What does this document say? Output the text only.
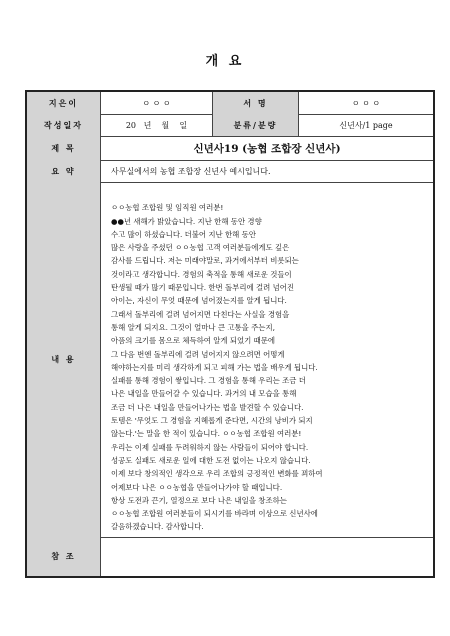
개 요
지은이	ㅇ ㅇ ㅇ	서 명	ㅇ ㅇ ㅇ
작성일자	20   년    월    일	분류/분량	신년사/1 page
제 목	신년사19 (농협 조합장 신년사)
요 약	사무실에서의 농협 조합장 신년사 예시입니다.
내 용

ㅇㅇ농협 조합원 및 임직원 여러분!
●●년 새해가 밝았습니다. 지난 한해 동안 경향
수고 많이 하셨습니다. 더불어 지난 한해 동안
많은 사랑을 주셨던 ㅇㅇ농협 고객 여러분들에게도 깊은
감사를 드립니다. 저는 미래야말로, 과거에서부터 비롯되는
것이라고 생각합니다. 경험의 축적을 통해 새로운 것들이
탄생될 때가 많기 때문입니다. 한번 돌부리에 걸려 넘어진
아이는, 자신이 무엇 때문에 넘어졌는지를 알게 됩니다.
그래서 돌부리에 걸려 넘어지면 다친다는 사실을 경험을
통해 알게 되지요. 그것이 얼마나 큰 고통을 주는지,
아픔의 크기를 몸으로 체득하여 알게 되었기 때문에
그 다음 번엔 돌부리에 걸려 넘어지지 않으려면 어떻게
해야하는지를 미리 생각하게 되고 피해 가는 법을 배우게 됩니다.
실패를 통해 경험이 쌓입니다. 그 경험을 통해 우리는 조금 더
나은 내일을 만들어갈 수 있습니다. 과거의 내 모습을 통해
조금 더 나은 내일을 만들어나가는 법을 발견할 수 있습니다.
토템은 '무엇도 그 경험을 지혜롭게 준다면, 시간의 낭비가 되지
않는다.'는 말을 한 적이 있습니다. ㅇㅇ농협 조합원 여러분!
우리는 이제 실패를 두려워하지 않는 사람들이 되어야 합니다.
성공도 실패도 새로운 일에 대한 도전 없이는 나오지 않습니다.
이제 보다 창의적인 생각으로 우리 조합의 긍정적인 변화를 꾀하여
어제보다 나은 ㅇㅇ농협을 만들어나가야 할 때입니다.
항상 도전과 끈기, 열정으로 보다 나은 내일을 창조하는
ㅇㅇ농협 조합원 여러분들이 되시기를 바라며 이상으로 신년사에
갈음하겠습니다. 감사합니다.
참 조
